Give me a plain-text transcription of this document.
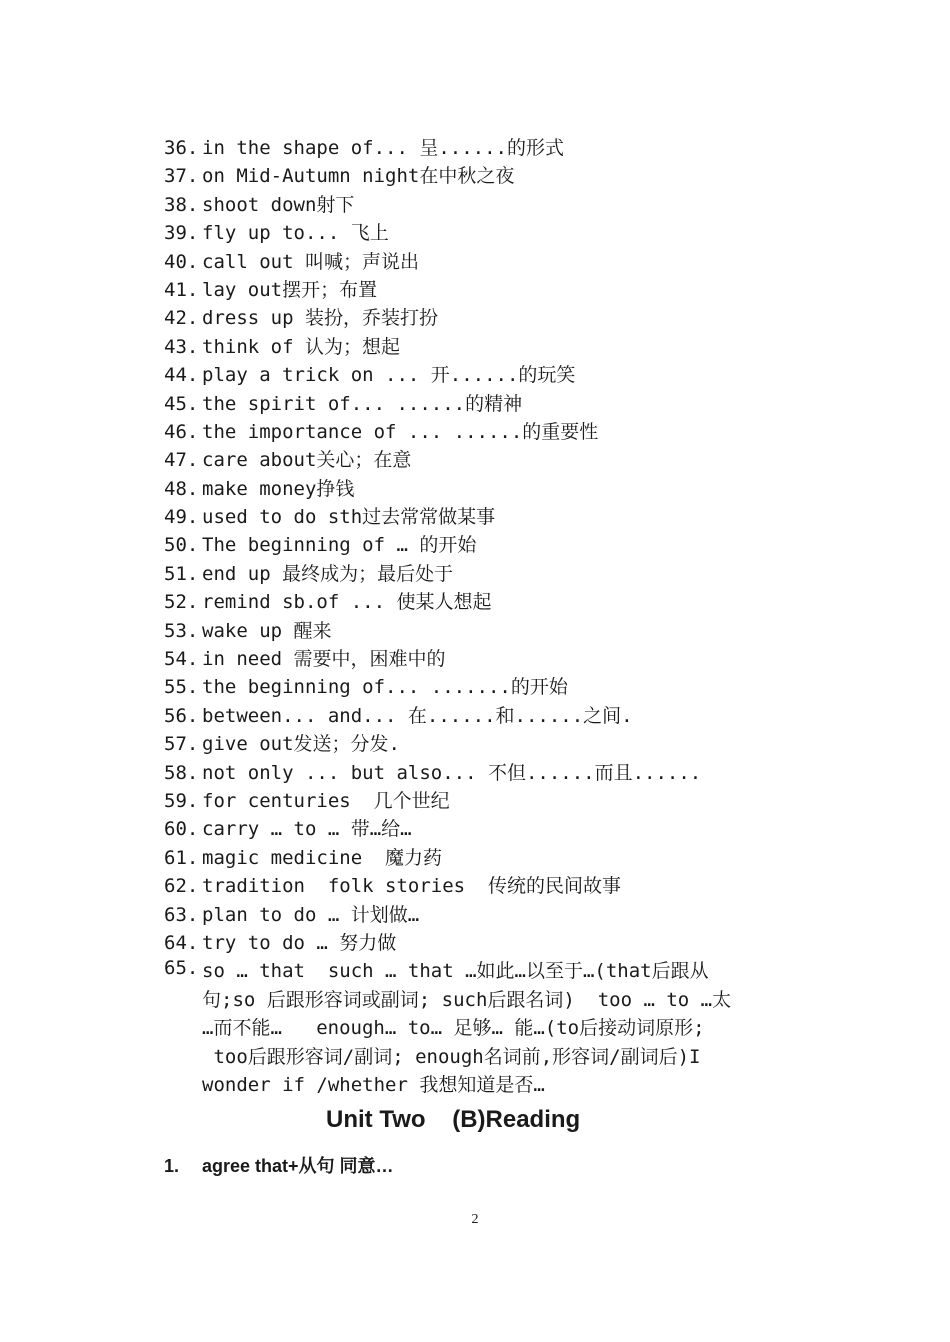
36. in the shape of... 呈......的形式
37. on Mid-Autumn night在中秋之夜
38. shoot down射下
39. fly up to... 飞上
40. call out 叫喊；声说出
41. lay out摆开；布置
42. dress up 装扮，乔装打扮
43. think of 认为；想起
44. play a trick on ... 开......的玩笑
45. the spirit of... ......的精神
46. the importance of ... ......的重要性
47. care about关心；在意
48. make money挣钱
49. used to do sth过去常常做某事
50. The beginning of … 的开始
51. end up 最终成为；最后处于
52. remind sb.of ... 使某人想起
53. wake up 醒来
54. in need 需要中，困难中的
55. the beginning of... .......的开始
56. between... and... 在......和......之间.
57. give out发送；分发.
58. not only ... but also... 不但......而且......
59. for centuries  几个世纪
60. carry … to … 带…给…
61. magic medicine  魔力药
62. tradition  folk stories  传统的民间故事
63. plan to do … 计划做…
64. try to do … 努力做
65. so … that  such … that …如此…以至于…(that后跟从
句;so 后跟形容词或副词; such后跟名词)  too … to …太
…而不能…   enough… to… 足够… 能…(to后接动词原形;
too后跟形容词/副词; enough名词前,形容词/副词后)I
wonder if /whether 我想知道是否…
Unit Two    (B)Reading
1. agree that+从句 同意…
2
